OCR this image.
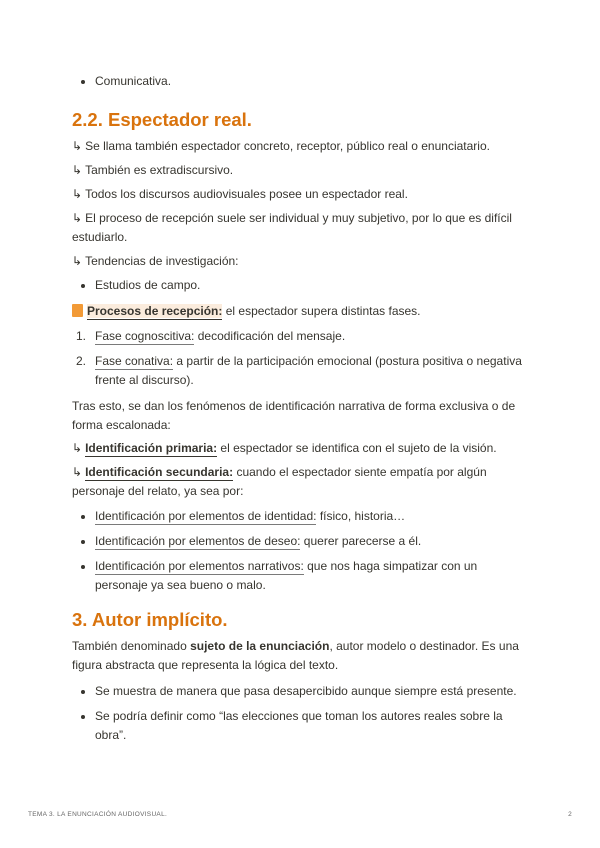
Comunicativa.
2.2. Espectador real.

↳ Se llama también espectador concreto, receptor, público real o enunciatario.

↳ También es extradiscursivo.

↳ Todos los discursos audiovisuales posee un espectador real.

↳ El proceso de recepción suele ser individual y muy subjetivo, por lo que es difícil estudiarlo.

↳ Tendencias de investigación:

Estudios de campo.

Procesos de recepción: el espectador supera distintas fases.

1. Fase cognoscitiva: decodificación del mensaje.
2. Fase conativa: a partir de la participación emocional (postura positiva o negativa frente al discurso).

Tras esto, se dan los fenómenos de identificación narrativa de forma exclusiva o de forma escalonada:

↳ Identificación primaria: el espectador se identifica con el sujeto de la visión.

↳ Identificación secundaria: cuando el espectador siente empatía por algún personaje del relato, ya sea por:

Identificación por elementos de identidad: físico, historia…
Identificación por elementos de deseo: querer parecerse a él.
Identificación por elementos narrativos: que nos haga simpatizar con un personaje ya sea bueno o malo.
3. Autor implícito.

También denominado sujeto de la enunciación, autor modelo o destinador. Es una figura abstracta que representa la lógica del texto.

Se muestra de manera que pasa desapercibido aunque siempre está presente.
Se podría definir como “las elecciones que toman los autores reales sobre la obra”.
TEMA 3. LA ENUNCIACIÓN AUDIOVISUAL.	2
